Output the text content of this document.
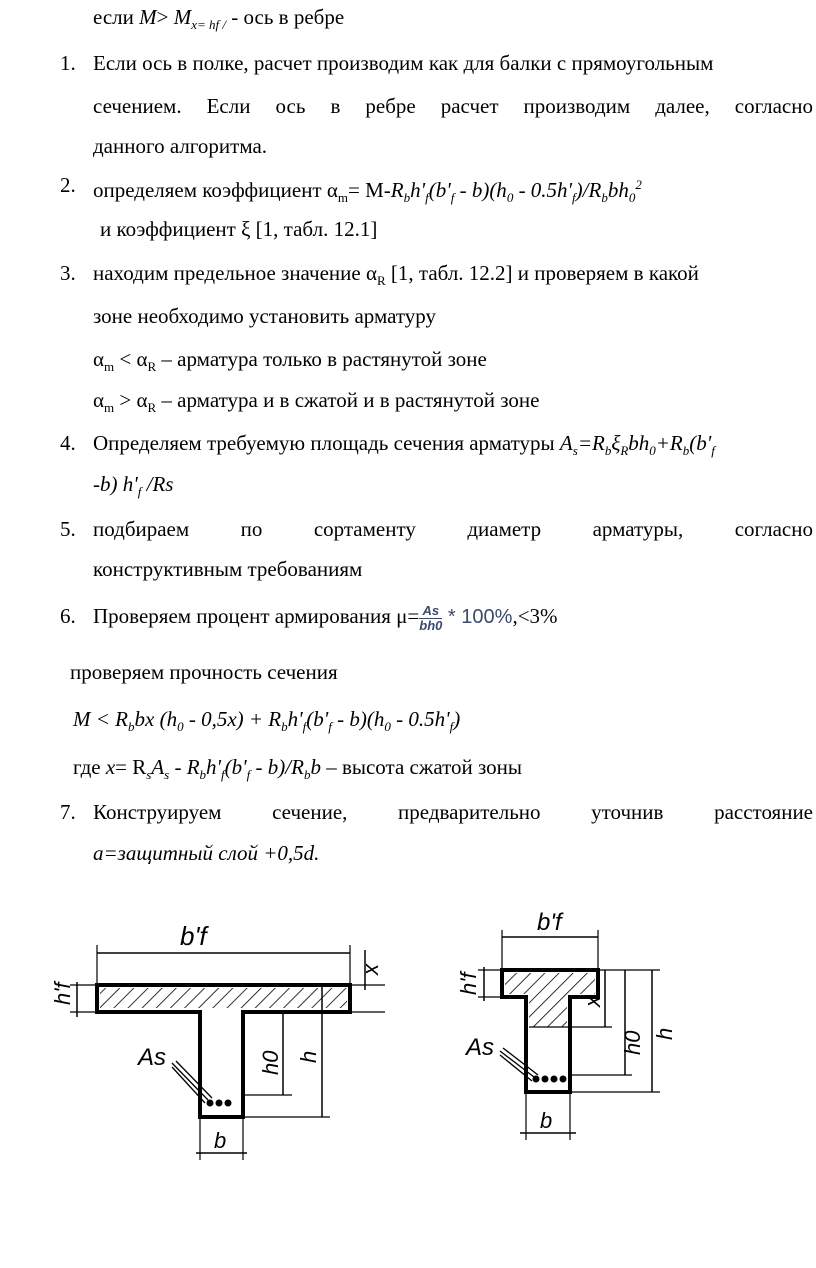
если $M> M_{x= hf /}$ - ось в ребре
1. Если ось в полке, расчет производим как для балки с прямоугольным
сечением. Если ось в ребре расчет производим далее, согласно
данного алгоритма.
2. определяем коэффициент $\alpha_m= М-R_bh'_f(b'_f - b)(h_0 - 0.5h'_f)/R_bbh_0^2$
и коэффициент ξ [1, табл. 12.1]
3. находим предельное значение $\alpha_R$ [1, табл. 12.2] и проверяем в какой
зоне необходимо установить арматуру
$\alpha_m < \alpha_R$ – арматура только в растянутой зоне
$\alpha_m > \alpha_R$ – арматура и в сжатой и в растянутой зоне
4. Определяем требуемую площадь сечения арматуры $A_s=R_b\xi_Rbh_0+R_b(b'_f$
-b) $h'_f$ /Rs
5. подбираем по сортаменту диаметр арматуры, согласно
конструктивным требованиям
6. Проверяем процент армирования $\mu= \frac{As}{bh0} * 100\%,<3\%$
проверяем прочность сечения
$M < R_bbx$ $(h_0 - 0,5x) + R_bh'_f(b'_f - b)(h_0 - 0.5h'_f)$
где $x= R_sA_s - R_bh'_f(b'_f - b)/R_bb$ – высота сжатой зоны
7. Конструируем сечение, предварительно уточнив расстояние
a=защитный слой +0,5d.
b'f
h'f
x
h0 h
As
b
b'f
h'f
x
h0 h
As
b
